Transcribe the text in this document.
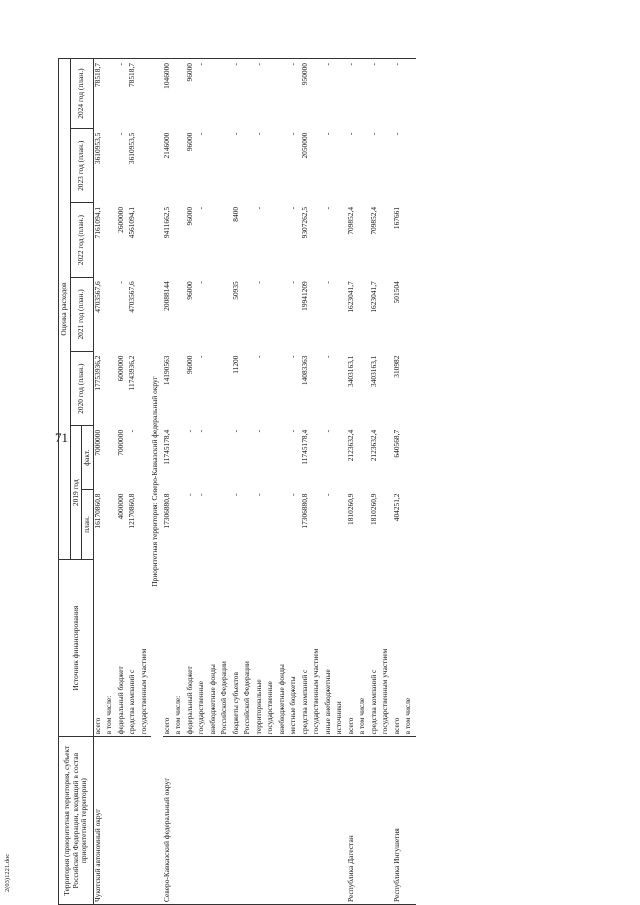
71
2(03)1221.doc	Территория (приоритетная территория, субъект Российской Федерации, входящий в состав приоритетной территории)	Источник финансирования	Оценка расходов						
		2019 год		2020 год (план.)	2021 год (план.)	2022 год (план.)	2023 год (план.)	2024 год (план.)
		план.	факт.					
Чукотский автономный округ	всего	16170860,8	7000000	17753936,2	4703567,6	7161094,1	3610953,5	78518,7
	в том числе:							
	федеральный бюджет	4000000	7000000	6000000	-	2600000	-	-
	средства компаний с	12170860,8	-	11743936,2	4703567,6	4561094,1	3610953,5	78518,7
	государственным участием							
Приоритетная территория: Северо-Кавказский федеральный округ								
Северо-Кавказский федеральный округ	всего	17306880,8	11745178,4	14190563	20088144	9411662,5	2146000	1046000
	в том числе:							
	федеральный бюджет	-	-	96000	96000	96000	96000	96000
	государственные	-	-	-	-	-	-	-
	внебюджетные фонды							
	Российской Федерации							
	бюджеты субъектов	-	-	11200	50935	8400	-	-
	Российской Федерации							
	территориальные	-	-	-	-	-	-	-
	государственные							
	внебюджетные фонды							
	местные бюджеты	-	-	-	-	-	-	-
	средства компаний с	17306880,8	11745178,4	14083363	19941209	9307262,5	2050000	950000
	государственным участием							
	иные внебюджетные	-	-	-	-	-	-	-
	источники							
Республика Дагестан	всего	1810260,9	2123632,4	3403163,1	1623041,7	709852,4	-	-
	в том числе							
	средства компаний с	1810260,9	2123632,4	3403163,1	1623041,7	709852,4	-	-
	государственным участием							
Республика Ингушетия	всего	404251,2	640568,7	310982	501504	167661	-	-
	в том числе							
